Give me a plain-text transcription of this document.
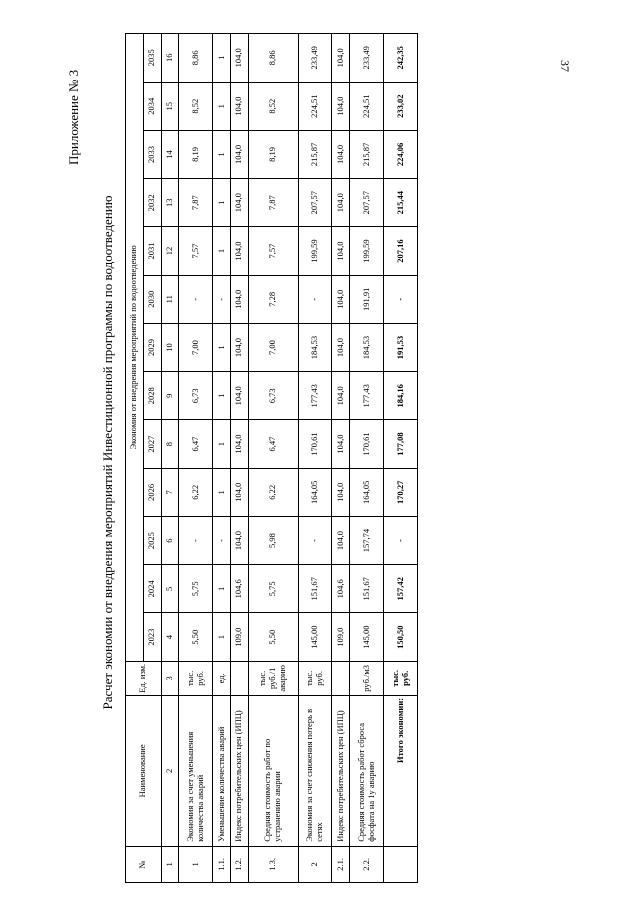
37
Приложение № 3
Расчет экономии от внедрения мероприятий Инвестиционной программы по водоотведению
№	Наименование	Ед. изм.	Экономия от внедрения мероприятий по водоотведению												
			2023	2024	2025	2026	2027	2028	2029	2030	2031	2032	2033	2034	2035
1	2	3	4	5	6	7	8	9	10	11	12	13	14	15	16
1	Экономия за счет уменьшения количества аварий	тыс. руб.	5,50	5,75	-	6,22	6,47	6,73	7,00	-	7,57	7,87	8,19	8,52	8,86
1.1.	Уменьшение количества аварий	ед.	1	1	-	1	1	1	1	-	1	1	1	1	1
1.2.	Индекс потребительских цен (ИПЦ)		109,0	104,6	104,0	104,0	104,0	104,0	104,0	104,0	104,0	104,0	104,0	104,0	104,0
1.3.	Средняя стоимость работ по устранению аварии	тыс. руб./1 аварию	5,50	5,75	5,98	6,22	6,47	6,73	7,00	7,28	7,57	7,87	8,19	8,52	8,86
2	Экономия за счет снижения потерь в сетях	тыс. руб.	145,00	151,67	-	164,05	170,61	177,43	184,53	-	199,59	207,57	215,87	224,51	233,49
2.1.	Индекс потребительских цен (ИПЦ)		109,0	104,6	104,0	104,0	104,0	104,0	104,0	104,0	104,0	104,0	104,0	104,0	104,0
2.2.	Средняя стоимость работ сброса фосфата на 1у аварию	руб./м3	145,00	151,67	157,74	164,05	170,61	177,43	184,53	191,91	199,59	207,57	215,87	224,51	233,49
	Итого экономии:	тыс. руб.	150,50	157,42	-	170,27	177,08	184,16	191,53	-	207,16	215,44	224,06	233,02	242,35
